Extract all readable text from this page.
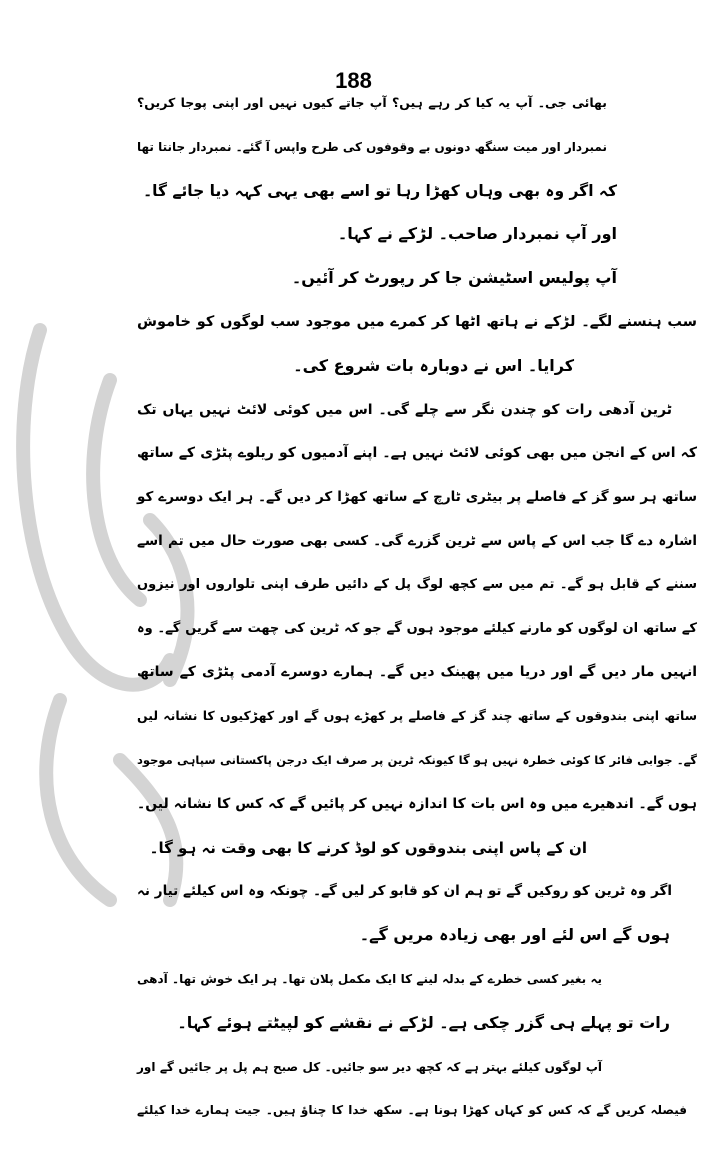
188
بھائی جی۔ آپ یہ کیا کر رہے ہیں؟ آپ جاتے کیوں نہیں اور اپنی پوجا کریں؟
نمبردار اور میت سنگھ دونوں بے وقوفوں کی طرح واپس آ گئے۔ نمبردار جانتا تھا
کہ اگر وہ بھی وہاں کھڑا رہا تو اسے بھی یہی کہہ دیا جائے گا۔
اور آپ نمبردار صاحب۔ لڑکے نے کہا۔
آپ پولیس اسٹیشن جا کر رپورٹ کر آئیں۔
سب ہنسنے لگے۔ لڑکے نے ہاتھ اٹھا کر کمرے میں موجود سب لوگوں کو خاموش
کرایا۔ اس نے دوبارہ بات شروع کی۔
ٹرین آدھی رات کو چندن نگر سے چلے گی۔ اس میں کوئی لائٹ نہیں یہاں تک
کہ اس کے انجن میں بھی کوئی لائٹ نہیں ہے۔ اپنے آدمیوں کو ریلوے پٹڑی کے ساتھ
ساتھ ہر سو گز کے فاصلے پر بیٹری ٹارچ کے ساتھ کھڑا کر دیں گے۔ ہر ایک دوسرے کو
اشارہ دے گا جب اس کے پاس سے ٹرین گزرے گی۔ کسی بھی صورت حال میں تم اسے
سننے کے قابل ہو گے۔ تم میں سے کچھ لوگ پل کے دائیں طرف اپنی تلواروں اور نیزوں
کے ساتھ ان لوگوں کو مارنے کیلئے موجود ہوں گے جو کہ ٹرین کی چھت سے گریں گے۔ وہ
انہیں مار دیں گے اور دریا میں پھینک دیں گے۔ ہمارے دوسرے آدمی پٹڑی کے ساتھ
ساتھ اپنی بندوقوں کے ساتھ چند گز کے فاصلے پر کھڑے ہوں گے اور کھڑکیوں کا نشانہ لیں
گے۔ جوابی فائر کا کوئی خطرہ نہیں ہو گا کیونکہ ٹرین پر صرف ایک درجن پاکستانی سپاہی موجود
ہوں گے۔ اندھیرے میں وہ اس بات کا اندازہ نہیں کر پائیں گے کہ کس کا نشانہ لیں۔
ان کے پاس اپنی بندوقوں کو لوڈ کرنے کا بھی وقت نہ ہو گا۔
اگر وہ ٹرین کو روکیں گے تو ہم ان کو قابو کر لیں گے۔ چونکہ وہ اس کیلئے تیار نہ
ہوں گے اس لئے اور بھی زیادہ مریں گے۔
یہ بغیر کسی خطرے کے بدلہ لینے کا ایک مکمل پلان تھا۔ ہر ایک خوش تھا۔ آدھی
رات تو پہلے ہی گزر چکی ہے۔ لڑکے نے نقشے کو لپیٹتے ہوئے کہا۔
آپ لوگوں کیلئے بہتر ہے کہ کچھ دیر سو جائیں۔ کل صبح ہم پل پر جائیں گے اور
فیصلہ کریں گے کہ کس کو کہاں کھڑا ہونا ہے۔ سکھ خدا کا چناؤ ہیں۔ جیت ہمارے خدا کیلئے
